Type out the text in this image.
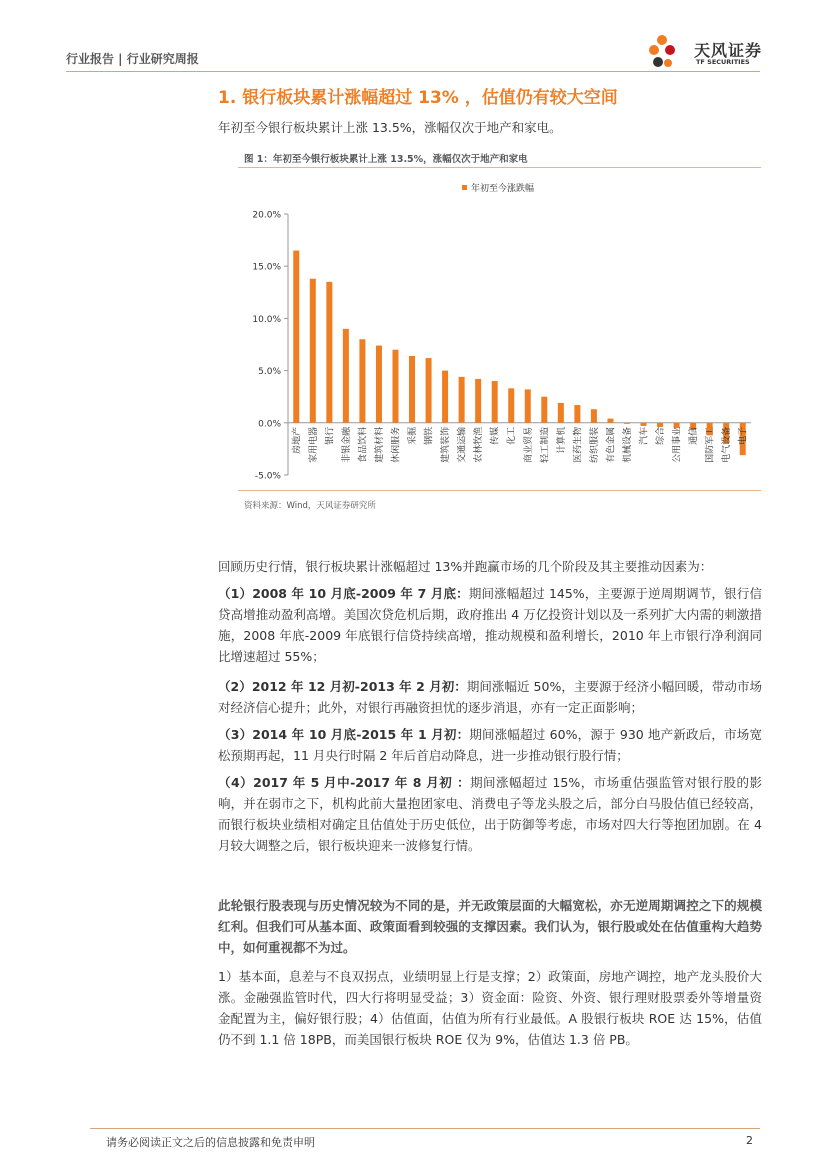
行业报告 | 行业研究周报	天风证券
TF SECURITIES
1. 银行板块累计涨幅超过 13% ，估值仍有较大空间
年初至今银行板块累计上涨 13.5%，涨幅仅次于地产和家电。
图 1：年初至今银行板块累计上涨 13.5%，涨幅仅次于地产和家电
年初至今涨跌幅
-5.0%
0.0%
5.0%
10.0%
15.0%
20.0%
房地产 家用电器 银行 非银金融 食品饮料 建筑材料 休闲服务 采掘 钢铁 建筑装饰 交通运输 农林牧渔 传媒 化工 商业贸易 轻工制造 计算机 医药生物 纺织服装 有色金属 机械设备 汽车 综合 公用事业 通信 国防军工 电气设备 电子
资料来源：Wind，天风证券研究所
回顾历史行情，银行板块累计涨幅超过 13%并跑赢市场的几个阶段及其主要推动因素为：
（1）2008 年 10 月底-2009 年 7 月底：期间涨幅超过 145%，主要源于逆周期调节，银行信贷高增推动盈利高增。美国次贷危机后期，政府推出 4 万亿投资计划以及一系列扩大内需的刺激措施，2008 年底-2009 年底银行信贷持续高增，推动规模和盈利增长，2010 年上市银行净利润同比增速超过 55%；
（2）2012 年 12 月初-2013 年 2 月初：期间涨幅近 50%，主要源于经济小幅回暖，带动市场对经济信心提升；此外，对银行再融资担忧的逐步消退，亦有一定正面影响；
（3）2014 年 10 月底-2015 年 1 月初：期间涨幅超过 60%，源于 930 地产新政后，市场宽松预期再起，11 月央行时隔 2 年后首启动降息，进一步推动银行股行情；
（4）2017 年 5 月中-2017 年 8 月初 ：期间涨幅超过 15%，市场重估强监管对银行股的影响，并在弱市之下，机构此前大量抱团家电、消费电子等龙头股之后，部分白马股估值已经较高，而银行板块业绩相对确定且估值处于历史低位，出于防御等考虑，市场对四大行等抱团加剧。在 4 月较大调整之后，银行板块迎来一波修复行情。
此轮银行股表现与历史情况较为不同的是，并无政策层面的大幅宽松，亦无逆周期调控之下的规模红利。但我们可从基本面、政策面看到较强的支撑因素。我们认为，银行股或处在估值重构大趋势中，如何重视都不为过。
1）基本面，息差与不良双拐点，业绩明显上行是支撑；2）政策面，房地产调控，地产龙头股价大涨。金融强监管时代，四大行将明显受益；3）资金面：险资、外资、银行理财股票委外等增量资金配置为主，偏好银行股；4）估值面，估值为所有行业最低。A 股银行板块 ROE 达 15%，估值仍不到 1.1 倍 18PB，而美国银行板块 ROE 仅为 9%，估值达 1.3 倍 PB。
请务必阅读正文之后的信息披露和免责申明	2
